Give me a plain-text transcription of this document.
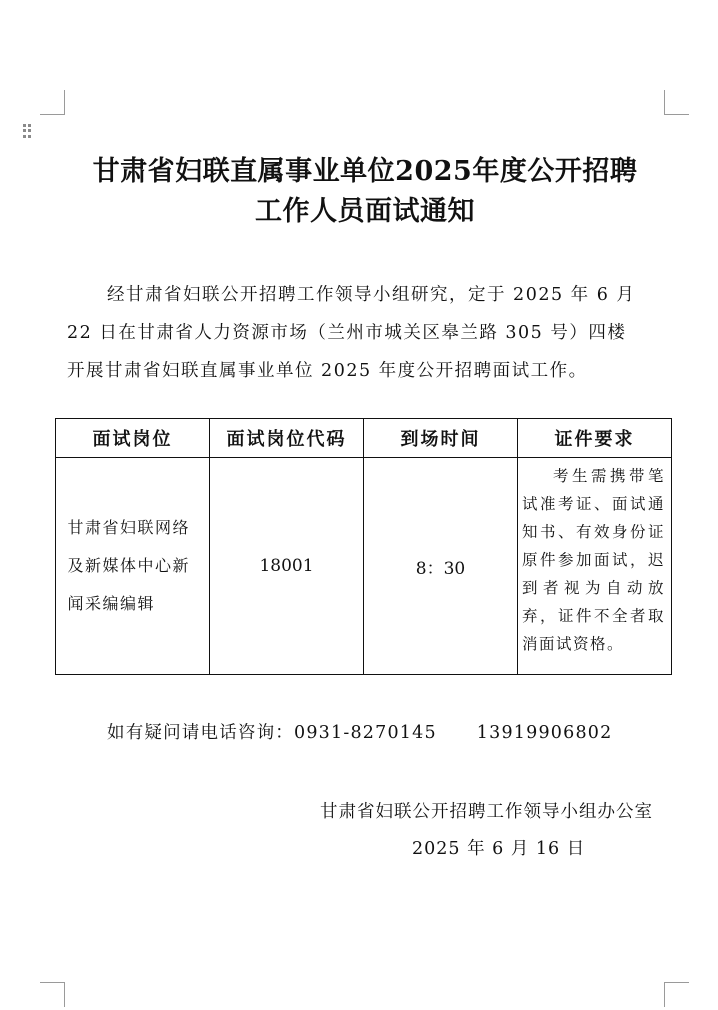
甘肃省妇联直属事业单位2025年度公开招聘
工作人员面试通知
经甘肃省妇联公开招聘工作领导小组研究，定于 2025 年 6 月
22 日在甘肃省人力资源市场（兰州市城关区皋兰路 305 号）四楼
开展甘肃省妇联直属事业单位 2025 年度公开招聘面试工作。
面试岗位	面试岗位代码	到场时间	证件要求
甘肃省妇联网络及新媒体中心新闻采编编辑	18001	8：30	考生需携带笔试准考证、面试通知书、有效身份证原件参加面试，迟到者视为自动放弃，证件不全者取消面试资格。
如有疑问请电话咨询：0931-8270145 13919906802
甘肃省妇联公开招聘工作领导小组办公室
2025 年 6 月 16 日
